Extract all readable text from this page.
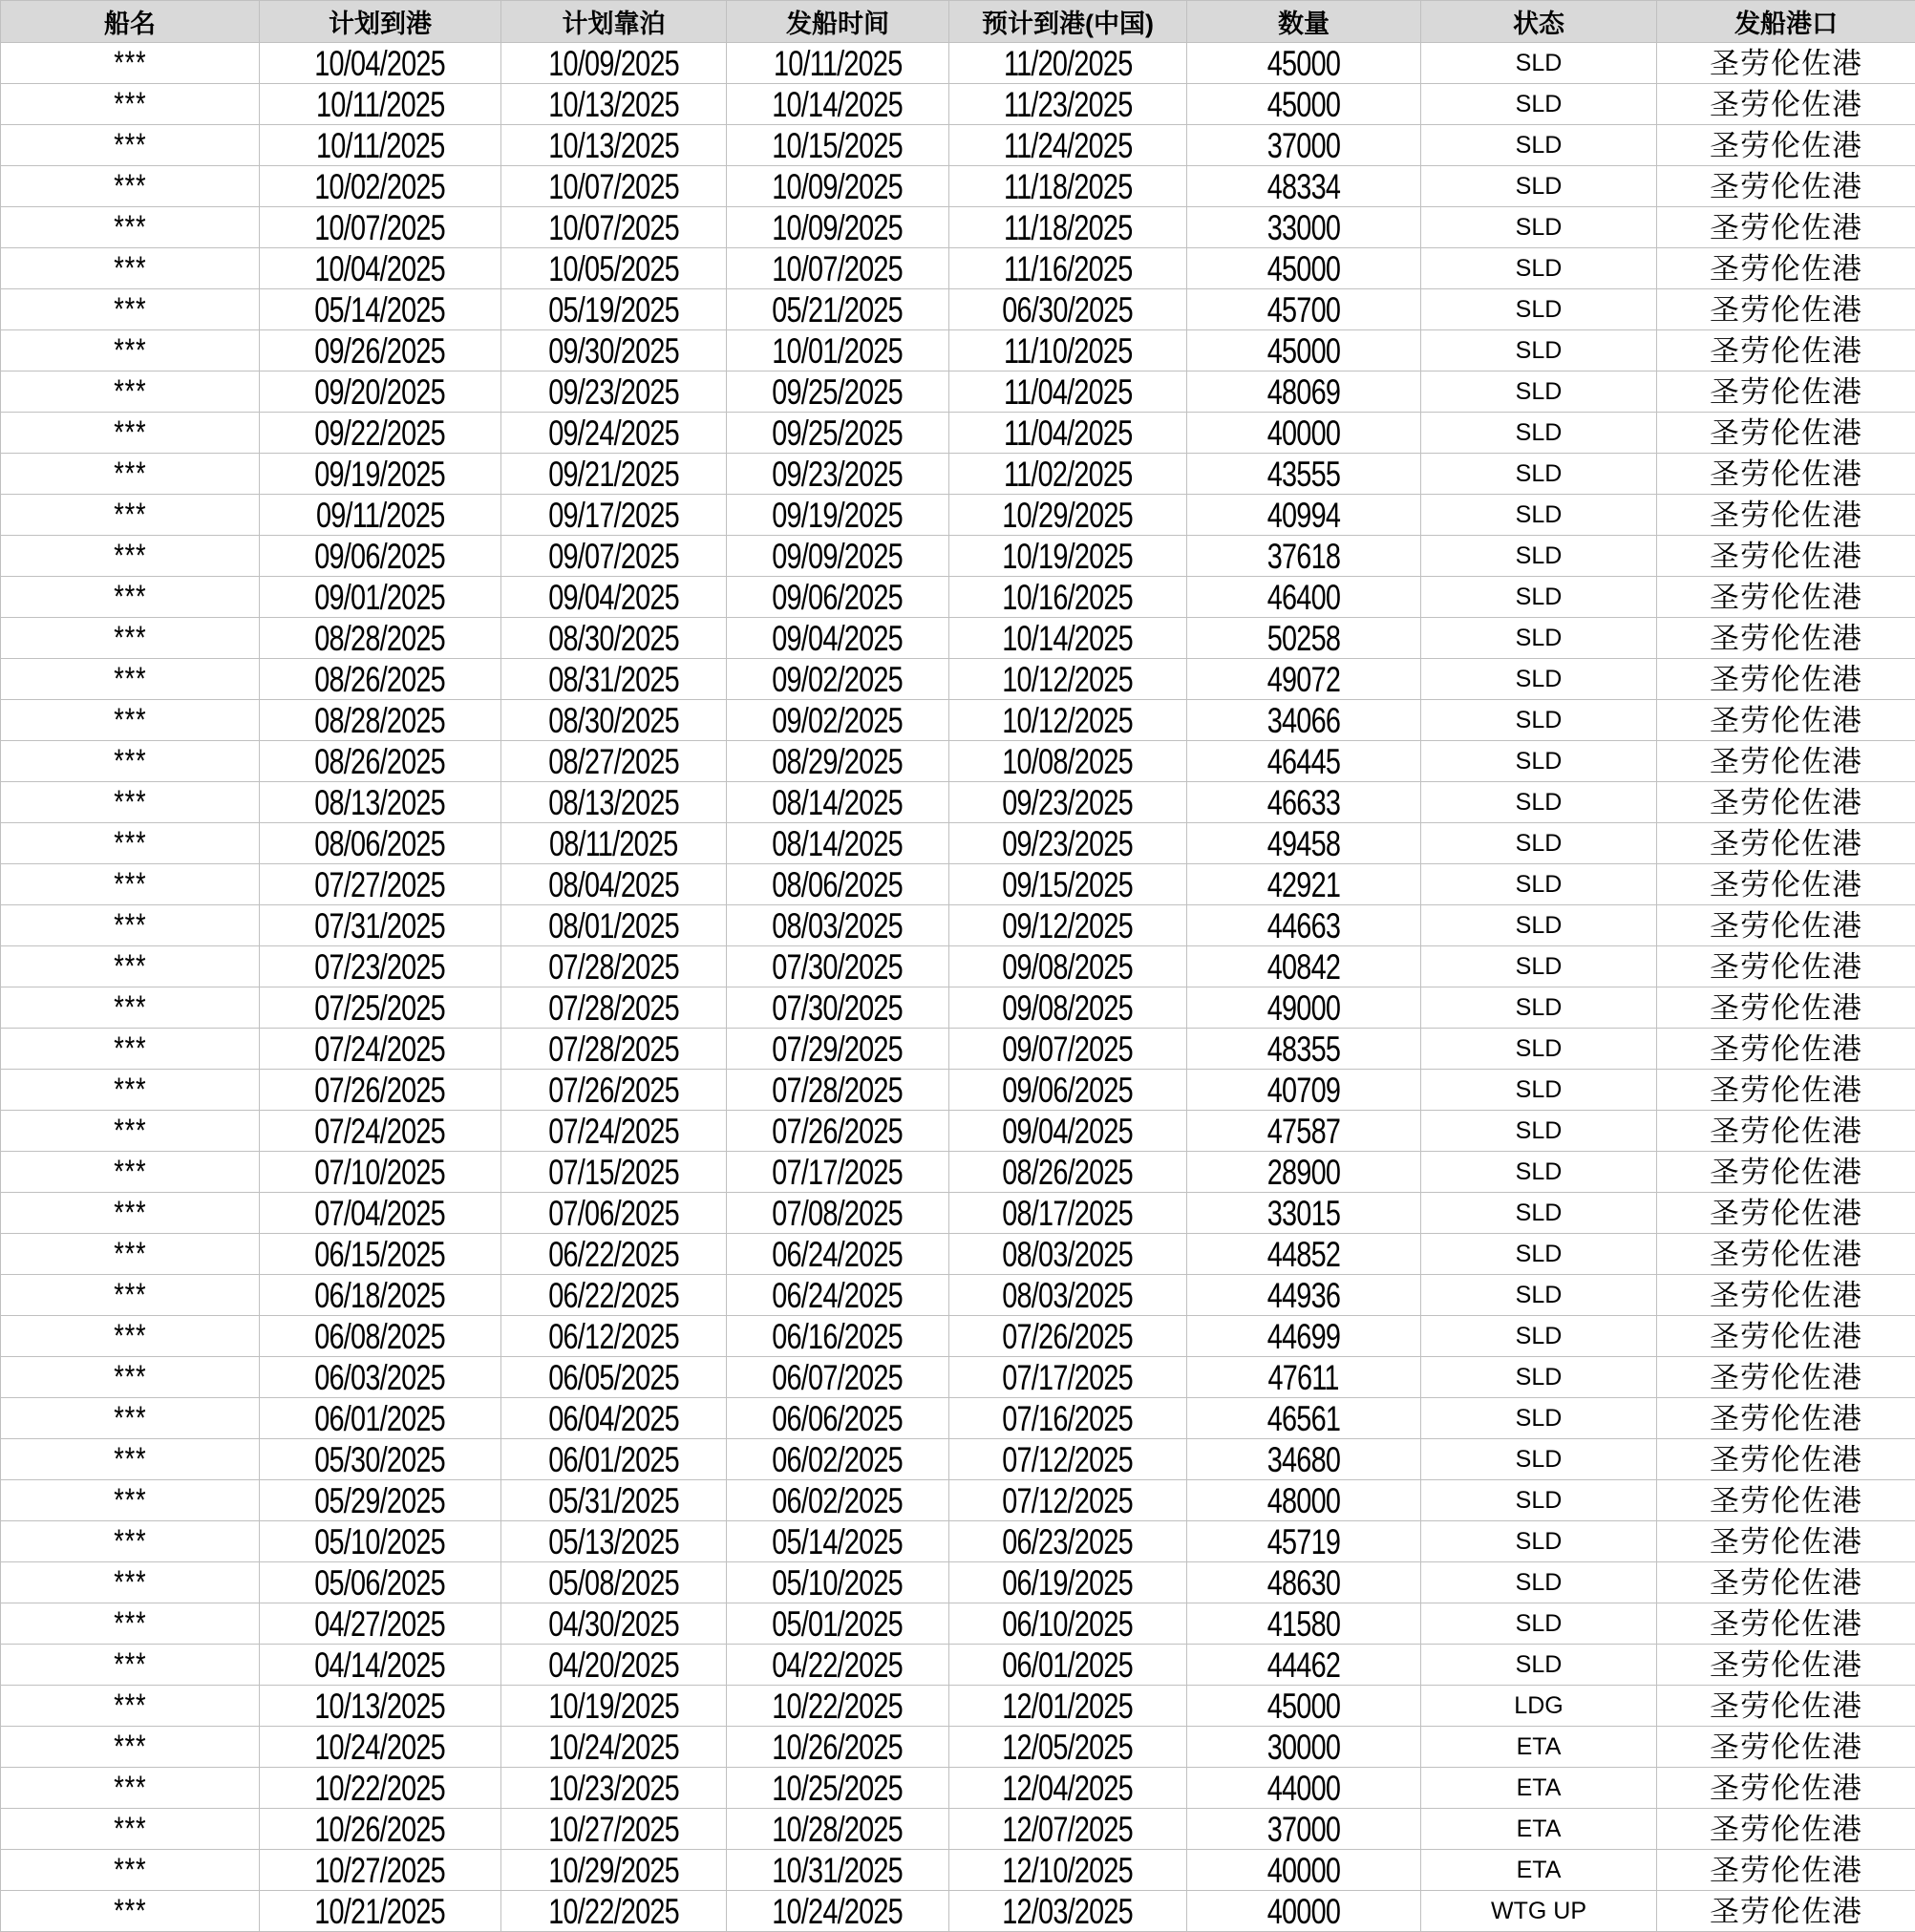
船名	计划到港	计划靠泊	发船时间	预计到港(中国)	数量	状态	发船港口
***	10/04/2025	10/09/2025	10/11/2025	11/20/2025	45000	SLD	圣劳伦佐港
***	10/11/2025	10/13/2025	10/14/2025	11/23/2025	45000	SLD	圣劳伦佐港
***	10/11/2025	10/13/2025	10/15/2025	11/24/2025	37000	SLD	圣劳伦佐港
***	10/02/2025	10/07/2025	10/09/2025	11/18/2025	48334	SLD	圣劳伦佐港
***	10/07/2025	10/07/2025	10/09/2025	11/18/2025	33000	SLD	圣劳伦佐港
***	10/04/2025	10/05/2025	10/07/2025	11/16/2025	45000	SLD	圣劳伦佐港
***	05/14/2025	05/19/2025	05/21/2025	06/30/2025	45700	SLD	圣劳伦佐港
***	09/26/2025	09/30/2025	10/01/2025	11/10/2025	45000	SLD	圣劳伦佐港
***	09/20/2025	09/23/2025	09/25/2025	11/04/2025	48069	SLD	圣劳伦佐港
***	09/22/2025	09/24/2025	09/25/2025	11/04/2025	40000	SLD	圣劳伦佐港
***	09/19/2025	09/21/2025	09/23/2025	11/02/2025	43555	SLD	圣劳伦佐港
***	09/11/2025	09/17/2025	09/19/2025	10/29/2025	40994	SLD	圣劳伦佐港
***	09/06/2025	09/07/2025	09/09/2025	10/19/2025	37618	SLD	圣劳伦佐港
***	09/01/2025	09/04/2025	09/06/2025	10/16/2025	46400	SLD	圣劳伦佐港
***	08/28/2025	08/30/2025	09/04/2025	10/14/2025	50258	SLD	圣劳伦佐港
***	08/26/2025	08/31/2025	09/02/2025	10/12/2025	49072	SLD	圣劳伦佐港
***	08/28/2025	08/30/2025	09/02/2025	10/12/2025	34066	SLD	圣劳伦佐港
***	08/26/2025	08/27/2025	08/29/2025	10/08/2025	46445	SLD	圣劳伦佐港
***	08/13/2025	08/13/2025	08/14/2025	09/23/2025	46633	SLD	圣劳伦佐港
***	08/06/2025	08/11/2025	08/14/2025	09/23/2025	49458	SLD	圣劳伦佐港
***	07/27/2025	08/04/2025	08/06/2025	09/15/2025	42921	SLD	圣劳伦佐港
***	07/31/2025	08/01/2025	08/03/2025	09/12/2025	44663	SLD	圣劳伦佐港
***	07/23/2025	07/28/2025	07/30/2025	09/08/2025	40842	SLD	圣劳伦佐港
***	07/25/2025	07/28/2025	07/30/2025	09/08/2025	49000	SLD	圣劳伦佐港
***	07/24/2025	07/28/2025	07/29/2025	09/07/2025	48355	SLD	圣劳伦佐港
***	07/26/2025	07/26/2025	07/28/2025	09/06/2025	40709	SLD	圣劳伦佐港
***	07/24/2025	07/24/2025	07/26/2025	09/04/2025	47587	SLD	圣劳伦佐港
***	07/10/2025	07/15/2025	07/17/2025	08/26/2025	28900	SLD	圣劳伦佐港
***	07/04/2025	07/06/2025	07/08/2025	08/17/2025	33015	SLD	圣劳伦佐港
***	06/15/2025	06/22/2025	06/24/2025	08/03/2025	44852	SLD	圣劳伦佐港
***	06/18/2025	06/22/2025	06/24/2025	08/03/2025	44936	SLD	圣劳伦佐港
***	06/08/2025	06/12/2025	06/16/2025	07/26/2025	44699	SLD	圣劳伦佐港
***	06/03/2025	06/05/2025	06/07/2025	07/17/2025	47611	SLD	圣劳伦佐港
***	06/01/2025	06/04/2025	06/06/2025	07/16/2025	46561	SLD	圣劳伦佐港
***	05/30/2025	06/01/2025	06/02/2025	07/12/2025	34680	SLD	圣劳伦佐港
***	05/29/2025	05/31/2025	06/02/2025	07/12/2025	48000	SLD	圣劳伦佐港
***	05/10/2025	05/13/2025	05/14/2025	06/23/2025	45719	SLD	圣劳伦佐港
***	05/06/2025	05/08/2025	05/10/2025	06/19/2025	48630	SLD	圣劳伦佐港
***	04/27/2025	04/30/2025	05/01/2025	06/10/2025	41580	SLD	圣劳伦佐港
***	04/14/2025	04/20/2025	04/22/2025	06/01/2025	44462	SLD	圣劳伦佐港
***	10/13/2025	10/19/2025	10/22/2025	12/01/2025	45000	LDG	圣劳伦佐港
***	10/24/2025	10/24/2025	10/26/2025	12/05/2025	30000	ETA	圣劳伦佐港
***	10/22/2025	10/23/2025	10/25/2025	12/04/2025	44000	ETA	圣劳伦佐港
***	10/26/2025	10/27/2025	10/28/2025	12/07/2025	37000	ETA	圣劳伦佐港
***	10/27/2025	10/29/2025	10/31/2025	12/10/2025	40000	ETA	圣劳伦佐港
***	10/21/2025	10/22/2025	10/24/2025	12/03/2025	40000	WTG UP	圣劳伦佐港
